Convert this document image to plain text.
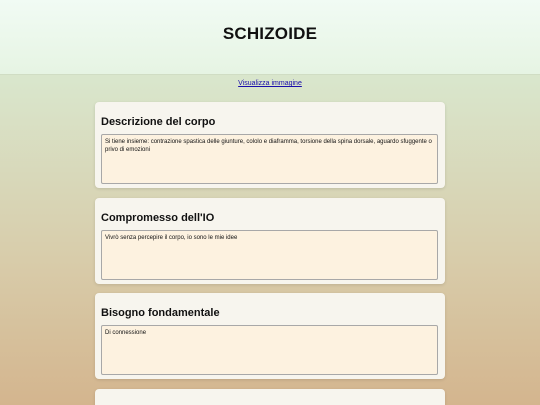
SCHIZOIDE
Visualizza immagine
Descrizione del corpo
Si tiene insieme: contrazione spastica delle giunture, cololo e diaframma, torsione della spina dorsale, aguardo sfuggente o privo di emozioni
Compromesso dell'IO
Vivrò senza percepire il corpo, io sono le mie idee
Bisogno fondamentale
Di connessione
